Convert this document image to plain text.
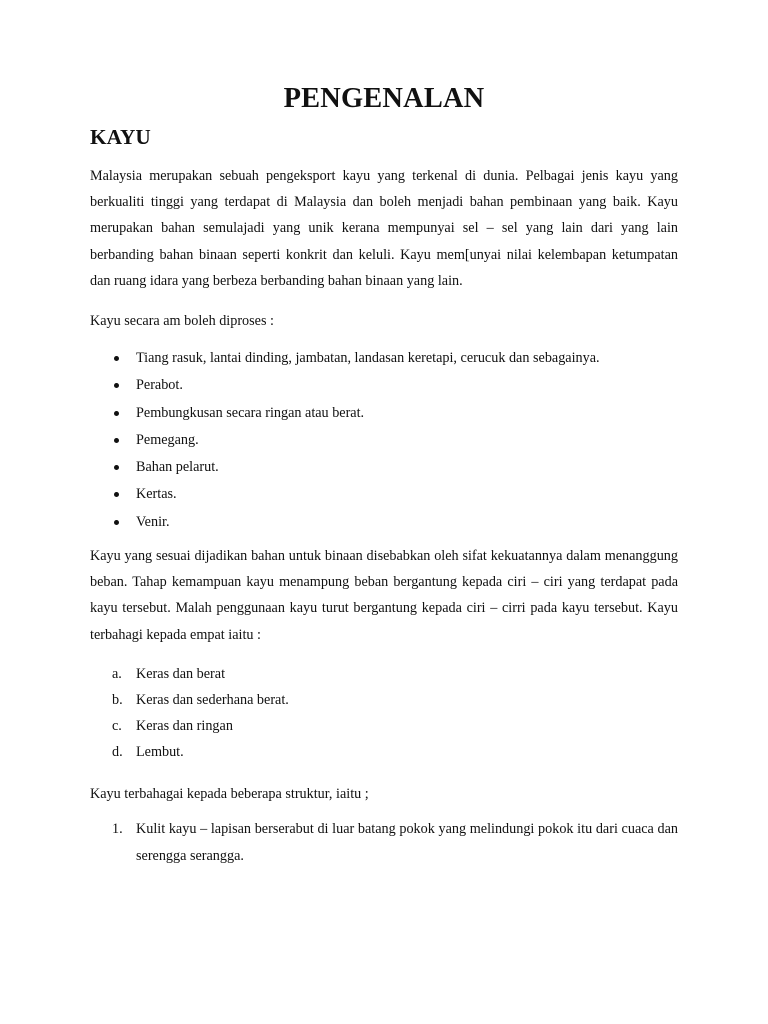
PENGENALAN
KAYU

Malaysia merupakan sebuah pengeksport kayu yang terkenal di dunia. Pelbagai jenis kayu yang berkualiti tinggi yang terdapat di Malaysia dan boleh menjadi bahan pembinaan yang baik. Kayu merupakan bahan semulajadi yang unik kerana mempunyai sel – sel yang lain dari yang lain berbanding bahan binaan seperti konkrit dan keluli. Kayu mem[unyai nilai kelembapan ketumpatan dan ruang idara yang berbeza berbanding bahan binaan yang lain.

Kayu secara am boleh diproses :

Tiang rasuk, lantai dinding, jambatan, landasan keretapi, cerucuk dan sebagainya.
Perabot.
Pembungkusan secara ringan atau berat.
Pemegang.
Bahan pelarut.
Kertas.
Venir.

Kayu yang sesuai dijadikan bahan untuk binaan disebabkan oleh sifat kekuatannya dalam menanggung beban. Tahap kemampuan kayu menampung beban bergantung kepada ciri – ciri yang terdapat pada kayu tersebut. Malah penggunaan kayu turut bergantung kepada ciri – cirri pada kayu tersebut. Kayu terbahagi kepada empat iaitu :

a. Keras dan berat
b. Keras dan sederhana berat.
c. Keras dan ringan
d. Lembut.

Kayu terbahagai kepada beberapa struktur, iaitu ;

1. Kulit kayu – lapisan berserabut di luar batang pokok yang melindungi pokok itu dari cuaca dan serengga serangga.
